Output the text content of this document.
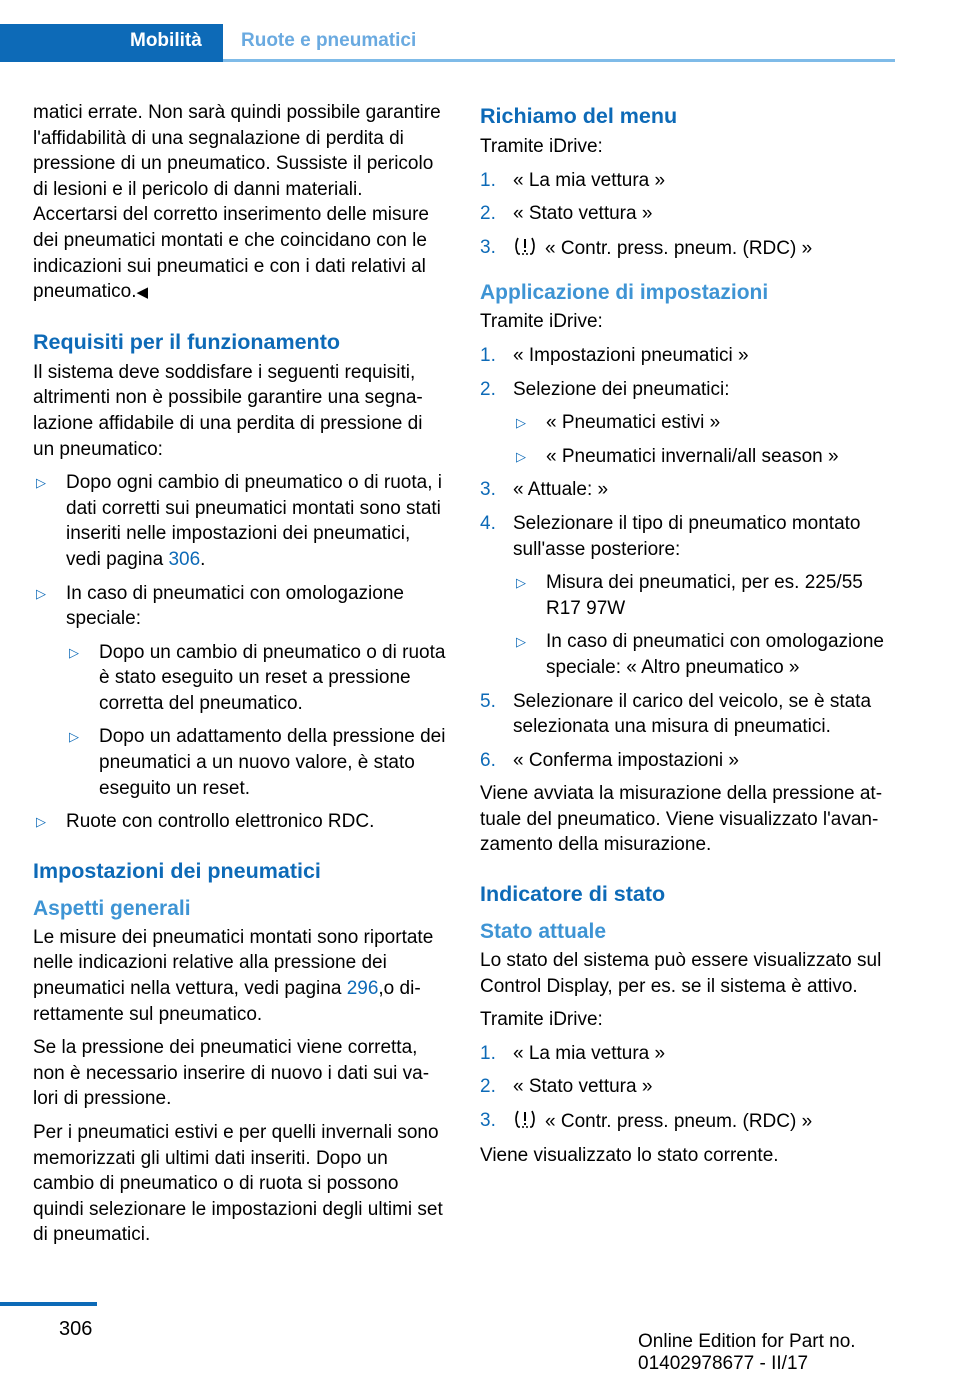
Mobilità Ruote e pneumatici

matici errate. Non sarà quindi possibile garantire l'affidabilità di una segnalazione di perdita di pressione di un pneumatico. Sussiste il pericolo di lesioni e il pericolo di danni materiali. Accertarsi del corretto inserimento delle misure dei pneumatici montati e che coincidano con le indicazioni sui pneumatici e con i dati relativi al pneumatico.◀

Requisiti per il funzionamento

Il sistema deve soddisfare i seguenti requisiti, altrimenti non è possibile garantire una segnalazione affidabile di una perdita di pressione di un pneumatico:

▷ Dopo ogni cambio di pneumatico o di ruota, i dati corretti sui pneumatici montati sono stati inseriti nelle impostazioni dei pneumatici, vedi pagina 306.
▷ In caso di pneumatici con omologazione speciale:
▷ Dopo un cambio di pneumatico o di ruota è stato eseguito un reset a pressione corretta del pneumatico.
▷ Dopo un adattamento della pressione dei pneumatici a un nuovo valore, è stato eseguito un reset.
▷ Ruote con controllo elettronico RDC.
Impostazioni dei pneumatici
Aspetti generali

Le misure dei pneumatici montati sono riportate nelle indicazioni relative alla pressione dei pneumatici nella vettura, vedi pagina 296,o direttamente sul pneumatico.

Se la pressione dei pneumatici viene corretta, non è necessario inserire di nuovo i dati sui valori di pressione.

Per i pneumatici estivi e per quelli invernali sono memorizzati gli ultimi dati inseriti. Dopo un cambio di pneumatico o di ruota si possono quindi selezionare le impostazioni degli ultimi set di pneumatici.

Richiamo del menu

Tramite iDrive:

1. « La mia vettura »
2. « Stato vettura »
3.	« Contr. press. pneum. (RDC) »
Applicazione di impostazioni

Tramite iDrive:

1. « Impostazioni pneumatici »
2. Selezione dei pneumatici:
▷ « Pneumatici estivi »
▷ « Pneumatici invernali/all season »
3. « Attuale: »
4. Selezionare il tipo di pneumatico montato sull'asse posteriore:
▷ Misura dei pneumatici, per es. 225/55 R17 97W
▷ In caso di pneumatici con omologazione speciale: « Altro pneumatico »
5. Selezionare il carico del veicolo, se è stata selezionata una misura di pneumatici.
6. « Conferma impostazioni »

Viene avviata la misurazione della pressione attuale del pneumatico. Viene visualizzato l'avanzamento della misurazione.

Indicatore di stato
Stato attuale

Lo stato del sistema può essere visualizzato sul Control Display, per es. se il sistema è attivo.

Tramite iDrive:

1. « La mia vettura »
2. « Stato vettura »
3.	« Contr. press. pneum. (RDC) »

Viene visualizzato lo stato corrente.

306
Online Edition for Part no. 01402978677 - II/17
